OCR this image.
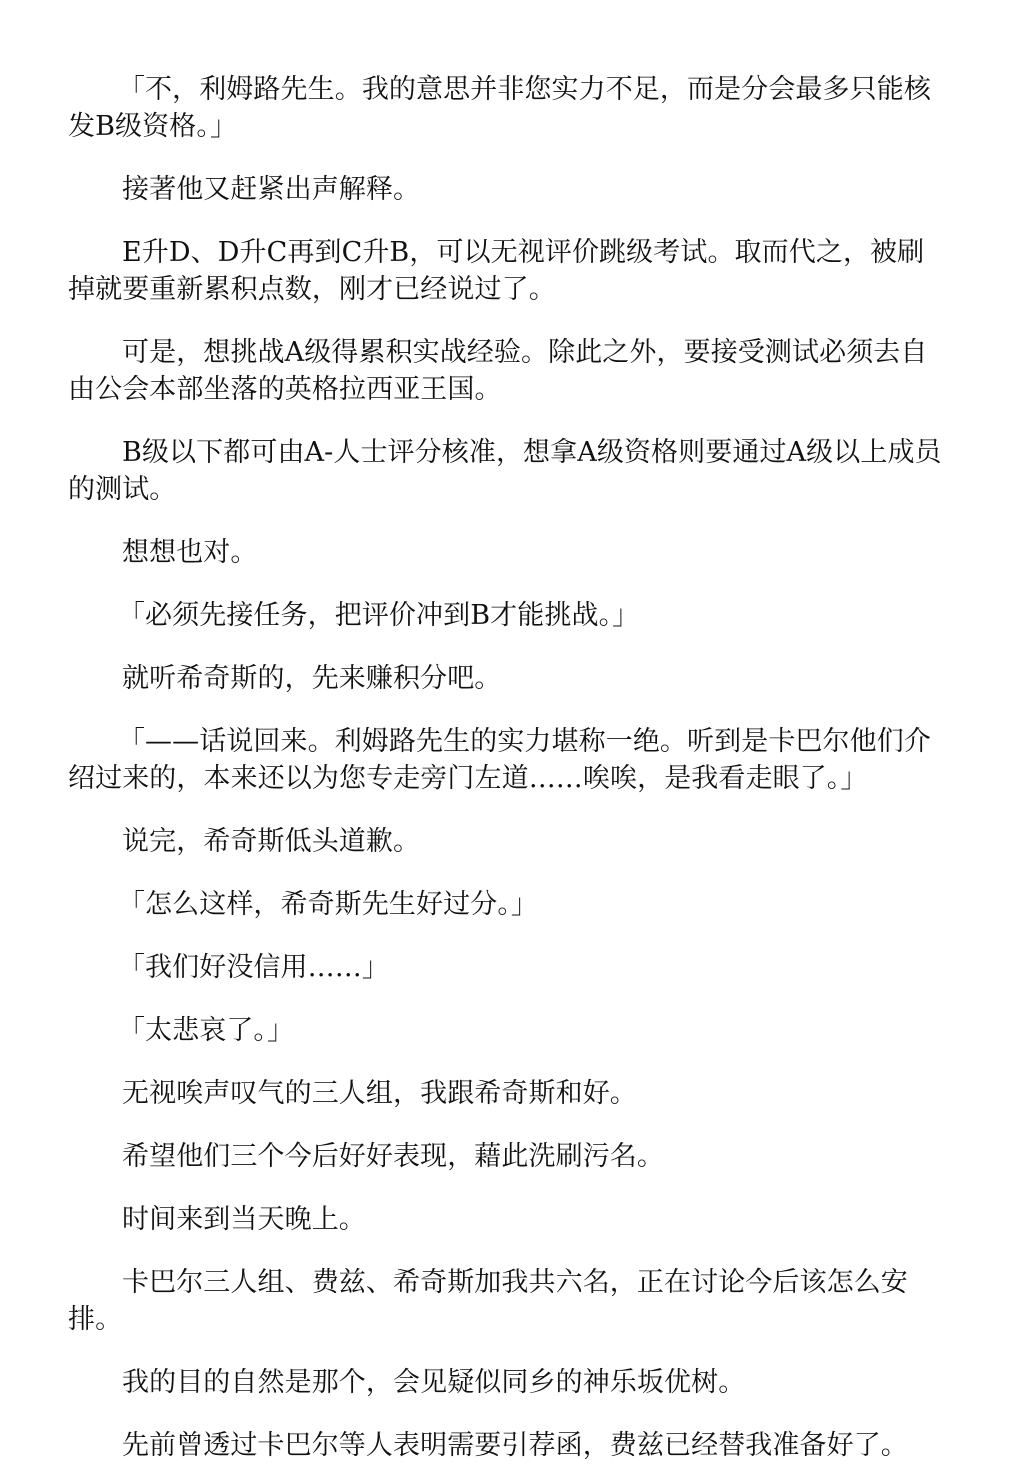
「不，利姆路先生。我的意思并非您实力不足，而是分会最多只能核发B级资格。」

接著他又赶紧出声解释。

E升D、D升C再到C升B，可以无视评价跳级考试。取而代之，被刷掉就要重新累积点数，刚才已经说过了。

可是，想挑战A级得累积实战经验。除此之外，要接受测试必须去自由公会本部坐落的英格拉西亚王国。

B级以下都可由A-人士评分核准，想拿A级资格则要通过A级以上成员的测试。

想想也对。

「必须先接任务，把评价冲到B才能挑战。」

就听希奇斯的，先来赚积分吧。

「——话说回来。利姆路先生的实力堪称一绝。听到是卡巴尔他们介绍过来的，本来还以为您专走旁门左道……唉唉，是我看走眼了。」

说完，希奇斯低头道歉。

「怎么这样，希奇斯先生好过分。」

「我们好没信用……」

「太悲哀了。」

无视唉声叹气的三人组，我跟希奇斯和好。

希望他们三个今后好好表现，藉此洗刷污名。

时间来到当天晚上。

卡巴尔三人组、费兹、希奇斯加我共六名，正在讨论今后该怎么安排。

我的目的自然是那个，会见疑似同乡的神乐坂优树。

先前曾透过卡巴尔等人表明需要引荐函，费兹已经替我准备好了。
